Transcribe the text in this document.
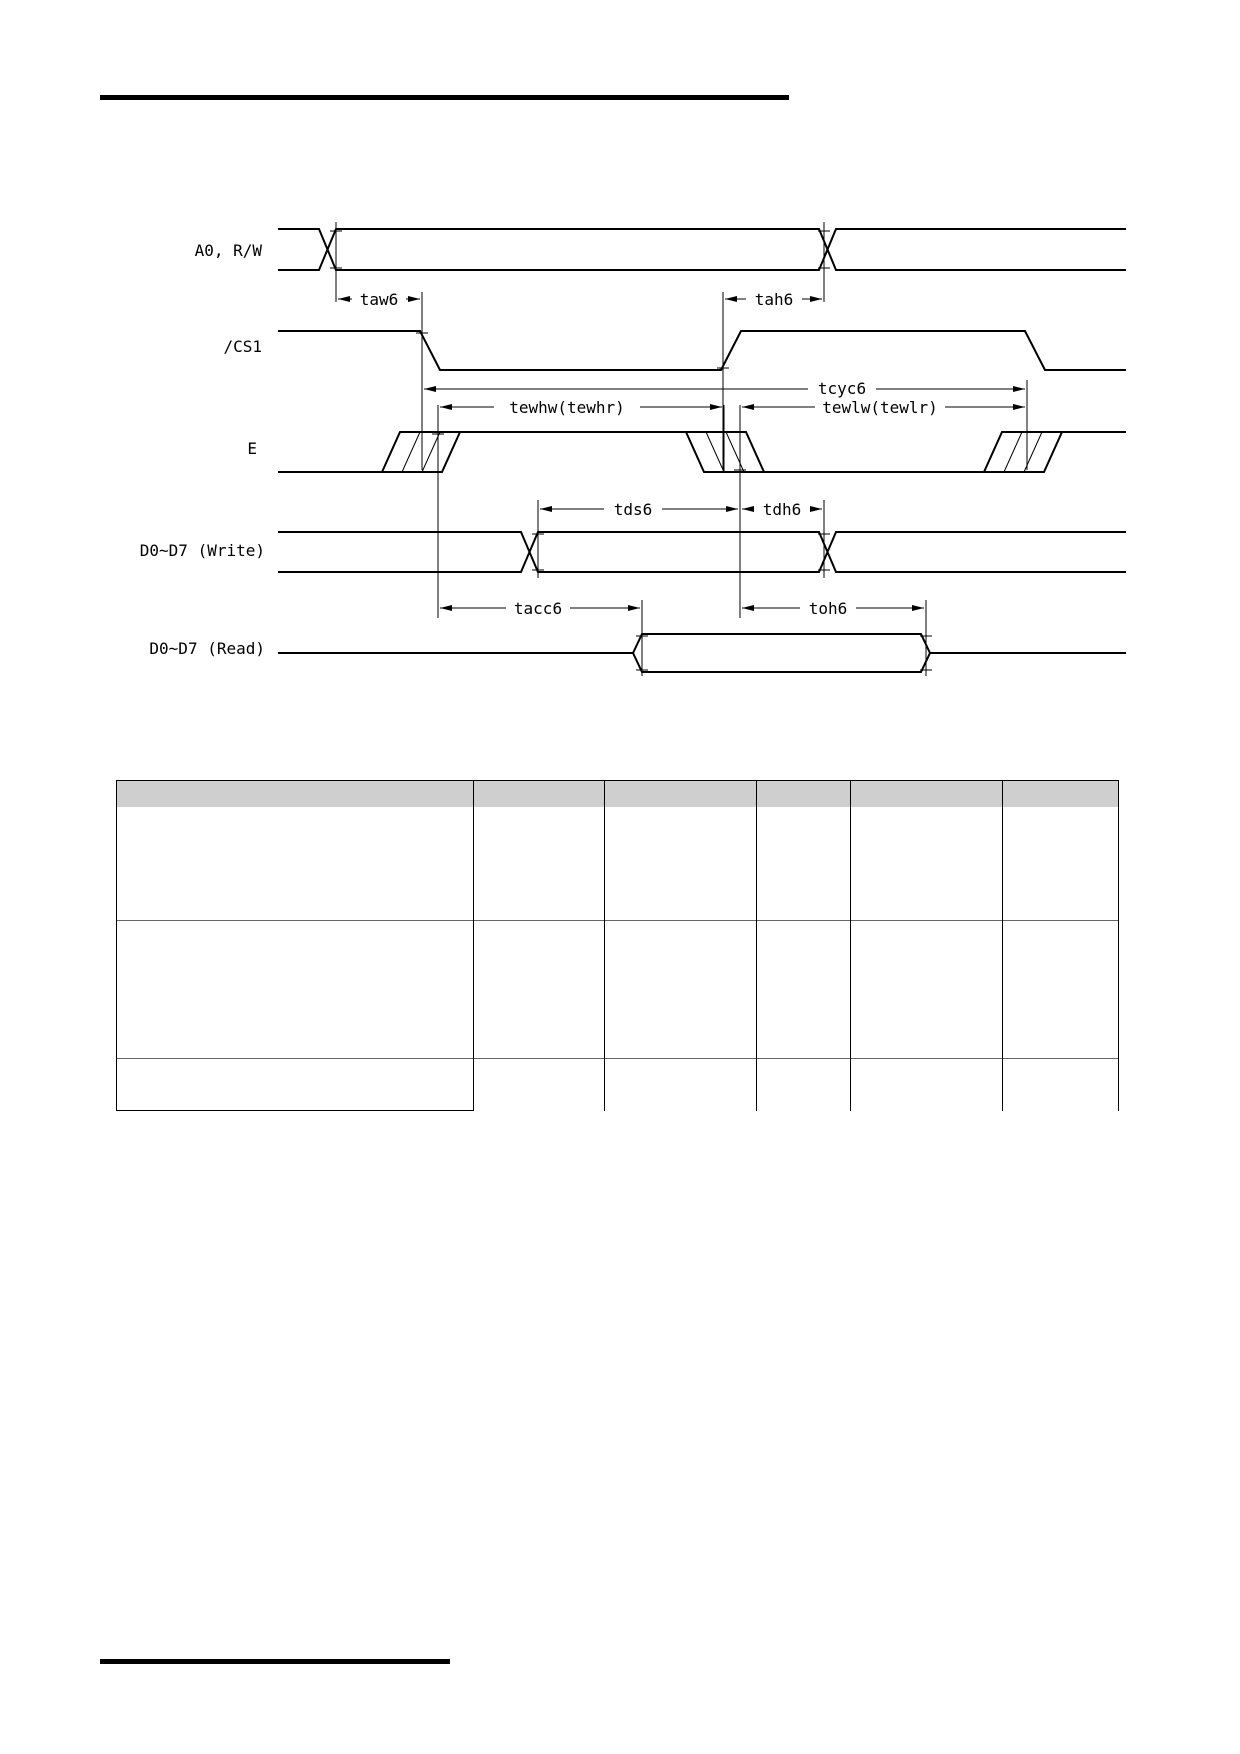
A0, R/W
/CS1
E
D0~D7 (Write)
D0~D7 (Read)
taw6	tah6
tcyc6
tewhw(tewhr)	tewlw(tewlr)
tds6	tdh6
tacc6	toh6
